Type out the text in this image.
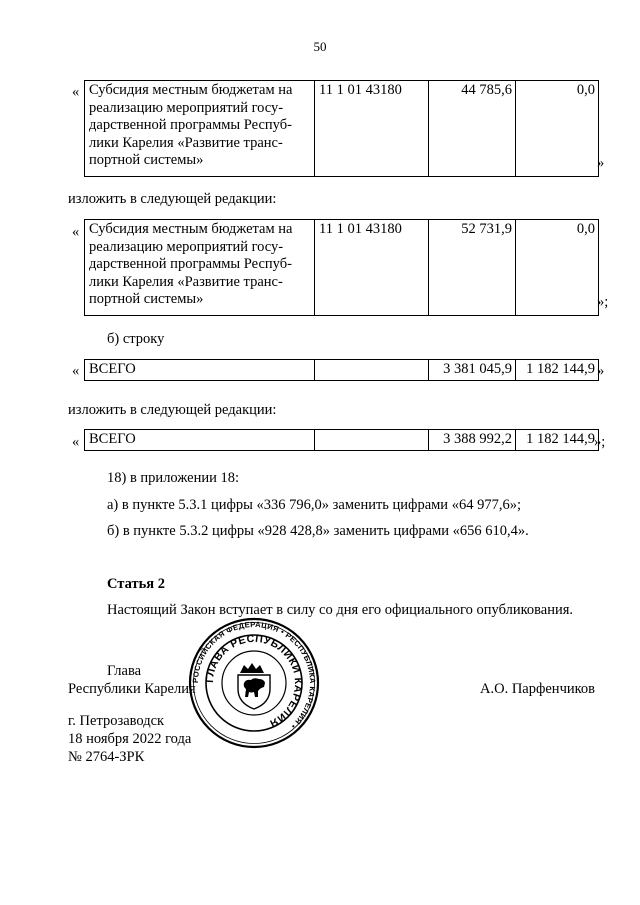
50
« Субсидия местным бюджетам на
реализацию мероприятий госу-
дарственной программы Респуб-
лики Карелия «Развитие транс-
портной системы»
	11 1 01 43180	44 785,6	0,0
»
изложить в следующей редакции:
« Субсидия местным бюджетам на
реализацию мероприятий госу-
дарственной программы Респуб-
лики Карелия «Развитие транс-
портной системы»
	11 1 01 43180	52 731,9	0,0
»;
б) строку
« ВСЕГО		3 381 045,9	1 182 144,9 »
изложить в следующей редакции:
« ВСЕГО		3 388 992,2	1 182 144,9 »;
18) в приложении 18:
а) в пункте 5.3.1 цифры «336 796,0» заменить цифрами «64 977,6»;
б) в пункте 5.3.2 цифры «928 428,8» заменить цифрами «656 610,4».
Статья 2
Настоящий Закон вступает в силу со дня его официального опубликования.
Глава
Республики Карелия	А.О. Парфенчиков
РОССИЙСКАЯ ФЕДЕРАЦИЯ • РЕСПУБЛИКА КАРЕЛИЯ •
ГЛАВА РЕСПУБЛИКИ КАРЕЛИЯ
г. Петрозаводск
18 ноября 2022 года
№ 2764-ЗРК
